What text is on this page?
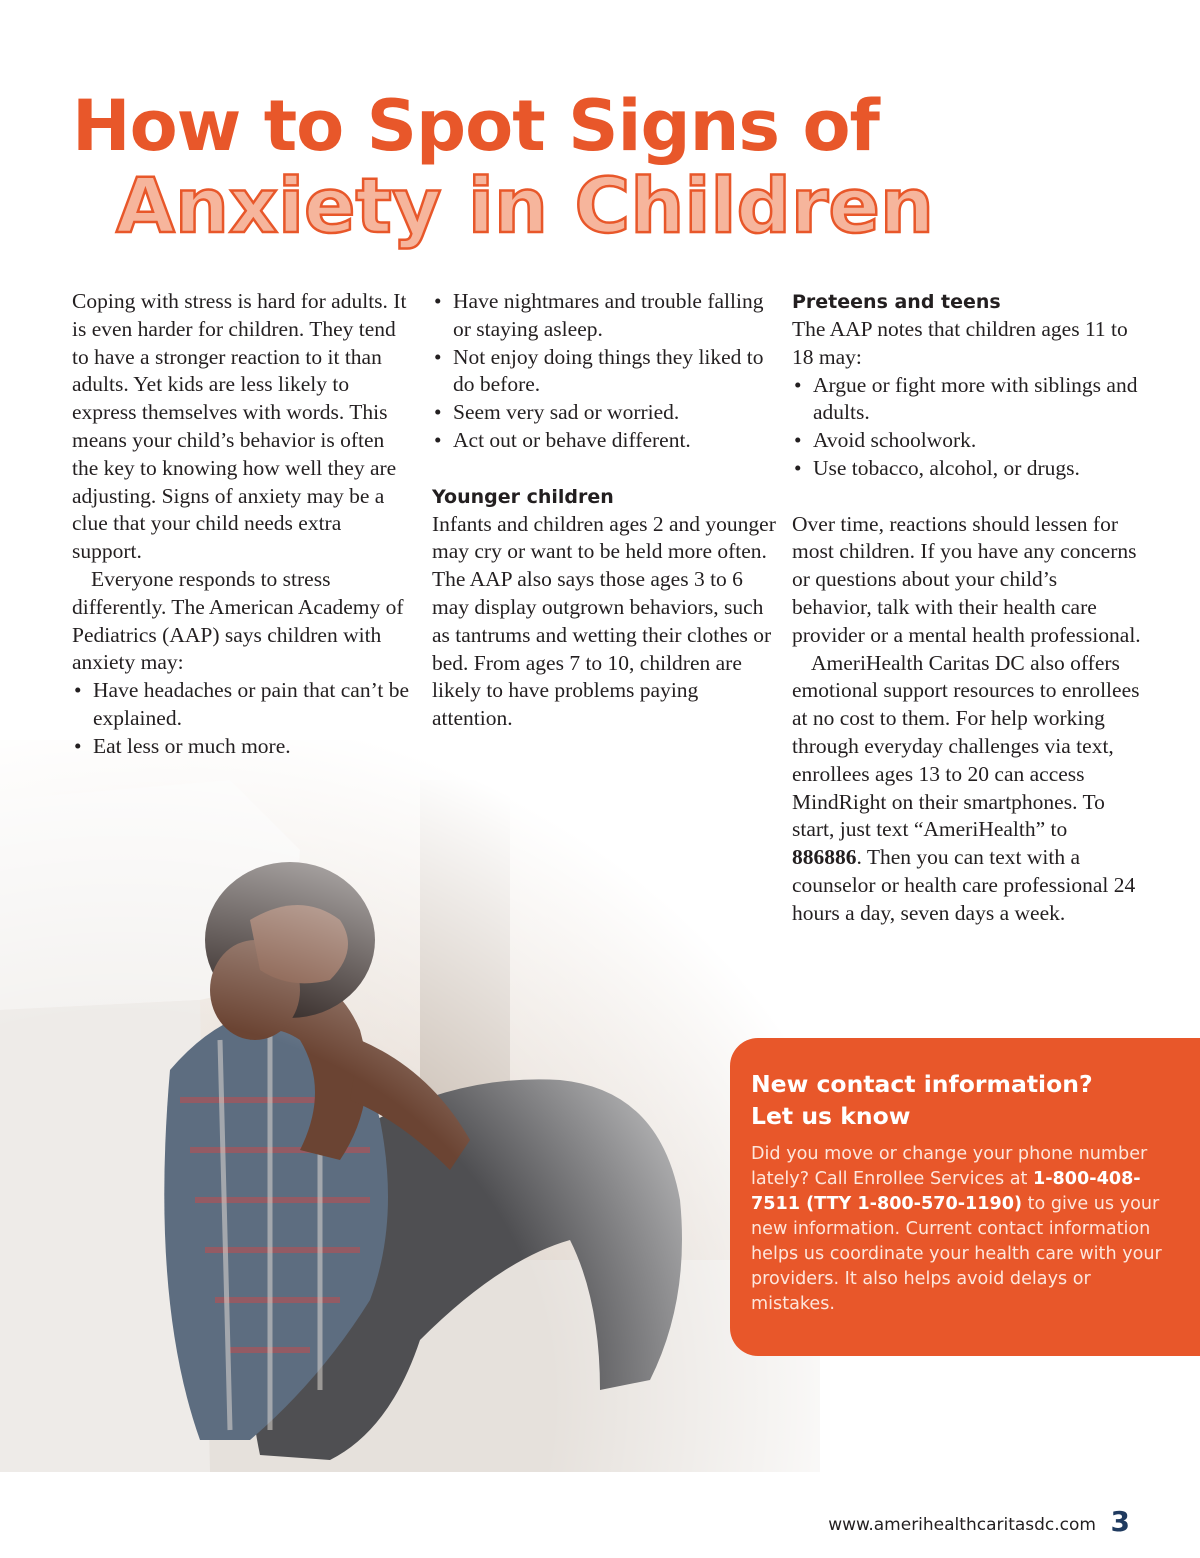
How to Spot Signs of
Anxiety in Children

Coping with stress is hard for adults. It is even harder for children. They tend to have a stronger reaction to it than adults. Yet kids are less likely to express themselves with words. This means your child’s behavior is often the key to knowing how well they are adjusting. Signs of anxiety may be a clue that your child needs extra support.

Everyone responds to stress differently. The American Academy of Pediatrics (AAP) says children with anxiety may:

• Have headaches or pain that can’t be explained.
• Eat less or much more.
• Have nightmares and trouble falling or staying asleep.
• Not enjoy doing things they liked to do before.
• Seem very sad or worried.
• Act out or behave different.
Younger children

Infants and children ages 2 and younger may cry or want to be held more often. The AAP also says those ages 3 to 6 may display outgrown behaviors, such as tantrums and wetting their clothes or bed. From ages 7 to 10, children are likely to have problems paying attention.

Preteens and teens

The AAP notes that children ages 11 to 18 may:

• Argue or fight more with siblings and adults.
• Avoid schoolwork.
• Use tobacco, alcohol, or drugs.

Over time, reactions should lessen for most children. If you have any concerns or questions about your child’s behavior, talk with their health care provider or a mental health professional.

AmeriHealth Caritas DC also offers emotional support resources to enrollees at no cost to them. For help working through everyday challenges via text, enrollees ages 13 to 20 can access MindRight on their smartphones. To start, just text “AmeriHealth” to 886886. Then you can text with a counselor or health care professional 24 hours a day, seven days a week.

New contact information?
Let us know

Did you move or change your phone number lately? Call Enrollee Services at 1-800-408-7511 (TTY 1-800-570-1190) to give us your new information. Current contact information helps us coordinate your health care with your providers. It also helps avoid delays or mistakes.

www.amerihealthcaritasdc.com 3
